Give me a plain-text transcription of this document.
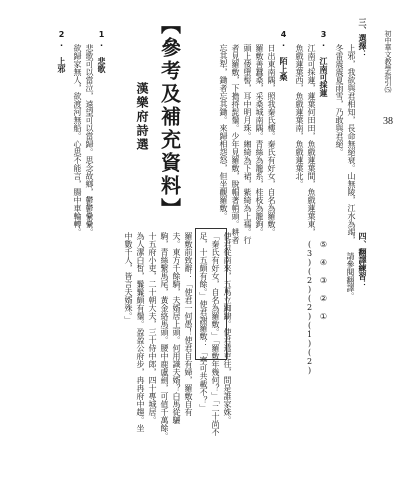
初中華文教學指引⑸
38
三、選擇：
上邪，我欲與君相知，長命無絕衰。山無陵，江水為竭，
冬雷震震夏雨雪，乃敢與君絕。
3. 江南可採蓮
江南可採蓮，蓮葉何田田，魚戲蓮葉間，魚戲蓮葉東，
魚戲蓮葉西，魚戲蓮葉南，魚戲蓮葉北。
4. 陌上桑
日出東南隅，照我秦氏樓。秦氏有好女，自名為羅敷。
羅敷善蠶桑，采桑城南隅。青絲為籠系，桂枝為籠鉤。
頭上倭墮髻，耳中明月珠。緗綺為下裙，紫綺為上襦。行
者見羅敷，下擔捋髭鬚。少年見羅敷，脫帽著帩頭。耕者
忘其犁，鋤者忘其鋤。來歸相怨怒，但坐觀羅敷。
使君從南來，五馬立踟躕。使君遣吏往，問是誰家姝。
「秦氏有好女，自名為羅敷。」「羅敷年幾何？」「二十尚不
足，十五頗有餘。」使君謝羅敷：「寧可共載不？」
羅敷前致辭：「使君一何愚！使君自有婦，羅敷自有
夫。東方千餘騎，夫婿居上頭。何用識夫婿？白馬從驪
駒，青絲繫馬尾，黃金絡馬頭。腰中鹿盧劍，可值千萬餘。
十五府小吏，二十朝大夫，三十侍中郎，四十專城居。
為人潔白皙，鬑鬑頗有鬚。盈盈公府步，冉冉府中趨。坐
中數千人，皆言夫婿殊。」	四、翻譯練習：
請參閱翻譯。
⑤ ④ ③ ② ①
(3)(2)(2)(1)(2)
【參考及補充資料】
漢樂府詩選
1. 悲歌
悲歌可以當泣，遠望可以當歸。思念故鄉，鬱鬱纍纍。
欲歸家無人，欲渡河無船。心思不能言，腸中車輪轉。
2. 上邪
